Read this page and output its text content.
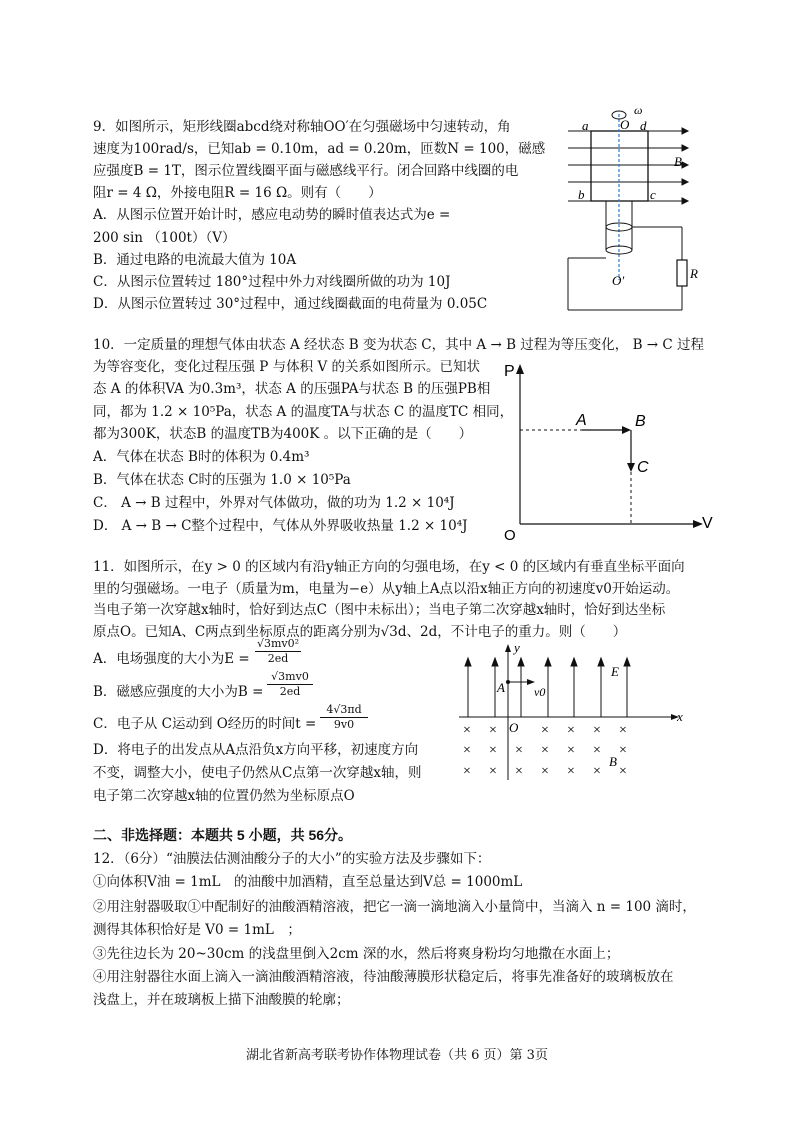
9．如图所示，矩形线圈abcd绕对称轴OO′在匀强磁场中匀速转动，角
速度为100rad/s，已知ab = 0.10m，ad = 0.20m，匝数N = 100，磁感
应强度B = 1T，图示位置线圈平面与磁感线平行。闭合回路中线圈的电
阻r = 4 Ω，外接电阻R = 16 Ω。则有（　　）
A．从图示位置开始计时，感应电动势的瞬时值表达式为e =
200 sin （100t）（V）
B．通过电路的电流最大值为 10A
C．从图示位置转过 180°过程中外力对线圈所做的功为 10J
D．从图示位置转过 30°过程中，通过线圈截面的电荷量为 0.05C
a O d
ω
B
b	c
O′	R
10．一定质量的理想气体由状态 A 经状态 B 变为状态 C，其中 A → B 过程为等压变化， B → C 过程
为等容变化，变化过程压强 P 与体积 V 的关系如图所示。已知状
态 A 的体积VA 为0.3m³，状态 A 的压强PA与状态 B 的压强PB相
同，都为 1.2 × 10⁵Pa，状态 A 的温度TA与状态 C 的温度TC 相同，
都为300K，状态B 的温度TB为400K 。以下正确的是（　　）
A．气体在状态 B时的体积为 0.4m³
B．气体在状态 C时的压强为 1.0 × 10⁵Pa
C． A → B 过程中，外界对气体做功，做的功为 1.2 × 10⁴J
D． A → B → C整个过程中，气体从外界吸收热量 1.2 × 10⁴J
P
V
O
A	B
C
11．如图所示，在y > 0 的区域内有沿y轴正方向的匀强电场，在y < 0 的区域内有垂直坐标平面向
里的匀强磁场。一电子（质量为m，电量为−e）从y轴上A点以沿x轴正方向的初速度v0开始运动。
当电子第一次穿越x轴时，恰好到达点C（图中未标出）；当电子第二次穿越x轴时，恰好到达坐标
原点O。已知A、C两点到坐标原点的距离分别为√3d、2d，不计电子的重力。则（　　）
A．电场强度的大小为$E = \frac{\text{√3mv0²}}{2ed}$
B．磁感应强度的大小为$B = \frac{√3mv0}{2ed}$
C．电子从 C运动到 O经历的时间$t = \frac{4√3\pi d}{9v0}$
D．将电子的出发点从A点沿负x方向平移，初速度方向
不变，调整大小，使电子仍然从C点第一次穿越x轴，则
电子第二次穿越x轴的位置仍然为坐标原点O
y
x
E
A v0
O
B
× ×	× × × ×
× × × × × × ×
× × × × × × ×
二、非选择题：本题共 5 小题，共 56分。
12．（6分）“油膜法估测油酸分子的大小”的实验方法及步骤如下：
①向体积V油 = 1mL　的油酸中加酒精，直至总量达到V总 = 1000mL
②用注射器吸取①中配制好的油酸酒精溶液，把它一滴一滴地滴入小量筒中，当滴入 n = 100 滴时，
测得其体积恰好是 V0 = 1mL　；
③先往边长为 20~30cm 的浅盘里倒入2cm 深的水，然后将爽身粉均匀地撒在水面上；
④用注射器往水面上滴入一滴油酸酒精溶液，待油酸薄膜形状稳定后，将事先准备好的玻璃板放在
浅盘上，并在玻璃板上描下油酸膜的轮廓；
湖北省新高考联考协作体物理试卷（共 6 页）第 3页
